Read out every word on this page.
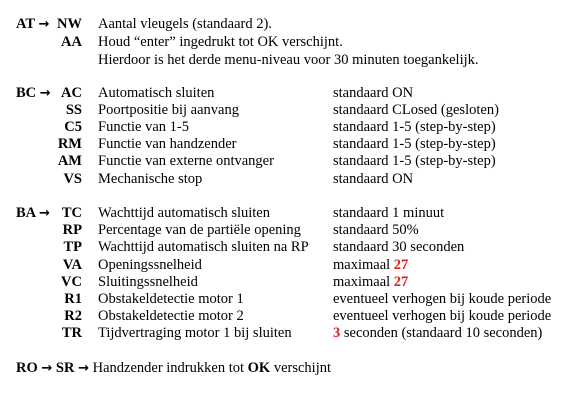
AT → NW Aantal vleugels (standaard 2).
AA Houd “enter” ingedrukt tot OK verschijnt.
Hierdoor is het derde menu-niveau voor 30 minuten toegankelijk.
BC → AC Automatisch sluiten	standaard ON
SS Poortpositie bij aanvang	standaard CLosed (gesloten)
C5 Functie van 1-5	standaard 1-5 (step-by-step)
RM Functie van handzender	standaard 1-5 (step-by-step)
AM Functie van externe ontvanger	standaard 1-5 (step-by-step)
VS Mechanische stop	standaard ON
BA → TC Wachttijd automatisch sluiten	standaard 1 minuut
RP Percentage van de partiële opening standaard 50%
TP Wachttijd automatisch sluiten na RP standaard 30 seconden
VA Openingssnelheid	maximaal 27
VC Sluitingssnelheid	maximaal 27
R1 Obstakeldetectie motor 1	eventueel verhogen bij koude periode
R2 Obstakeldetectie motor 2	eventueel verhogen bij koude periode
TR Tijdvertraging motor 1 bij sluiten	3 seconden (standaard 10 seconden)
RO → SR → Handzender indrukken tot OK verschijnt
